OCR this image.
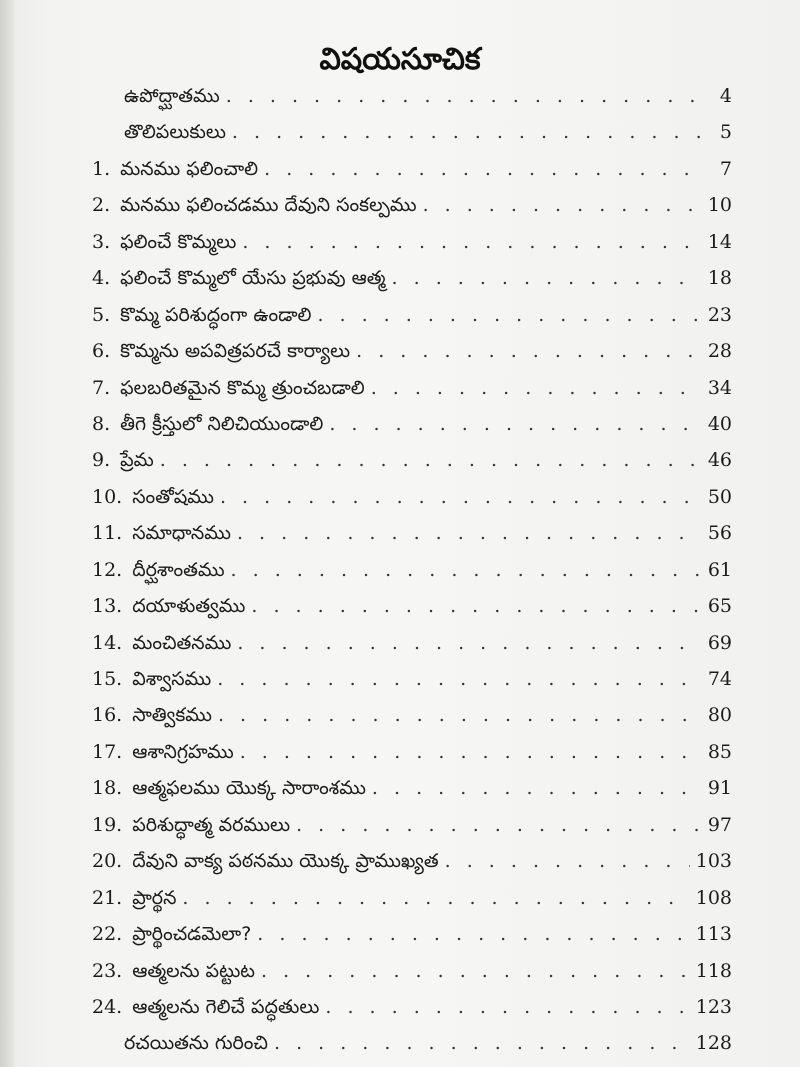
విషయసూచిక
ఉపోద్ఘాతము . . .	4
తొలిపలుకులు . . .	5
1. మనము ఫలించాలి . . .	7
2. మనము ఫలించడము దేవుని సంకల్పము . . .	10
3. ఫలించే కొమ్మలు . . .	14
4. ఫలించే కొమ్మలో యేసు ప్రభువు ఆత్మ . . .	18
5. కొమ్మ పరిశుద్ధంగా ఉండాలి . . .	23
6. కొమ్మను అపవిత్రపరచే కార్యాలు . . .	28
7. ఫలబరితమైన కొమ్మ త్రుంచబడాలి . . .	34
8. తీగె క్రీస్తులో నిలిచియుండాలి . . .	40
9. ప్రేమ . . .	46
10. సంతోషము . . .	50
11. సమాధానము . . .	56
12. దీర్ఘశాంతము . . .	61
13. దయాళుత్వము . . .	65
14. మంచితనము . . .	69
15. విశ్వాసము . . .	74
16. సాత్వికము . . .	80
17. ఆశానిగ్రహము . . .	85
18. ఆత్మఫలము యొక్క సారాంశము . . .	91
19. పరిశుద్ధాత్మ వరములు . . .	97
20. దేవుని వాక్య పఠనము యొక్క ప్రాముఖ్యత . . .	103
21. ప్రార్థన . . .	108
22. ప్రార్థించడమెలా? . . .	113
23. ఆత్మలను పట్టుట . . .	118
24. ఆత్మలను గెలిచే పద్ధతులు . . .	123
రచయితను గురించి . . .	128
